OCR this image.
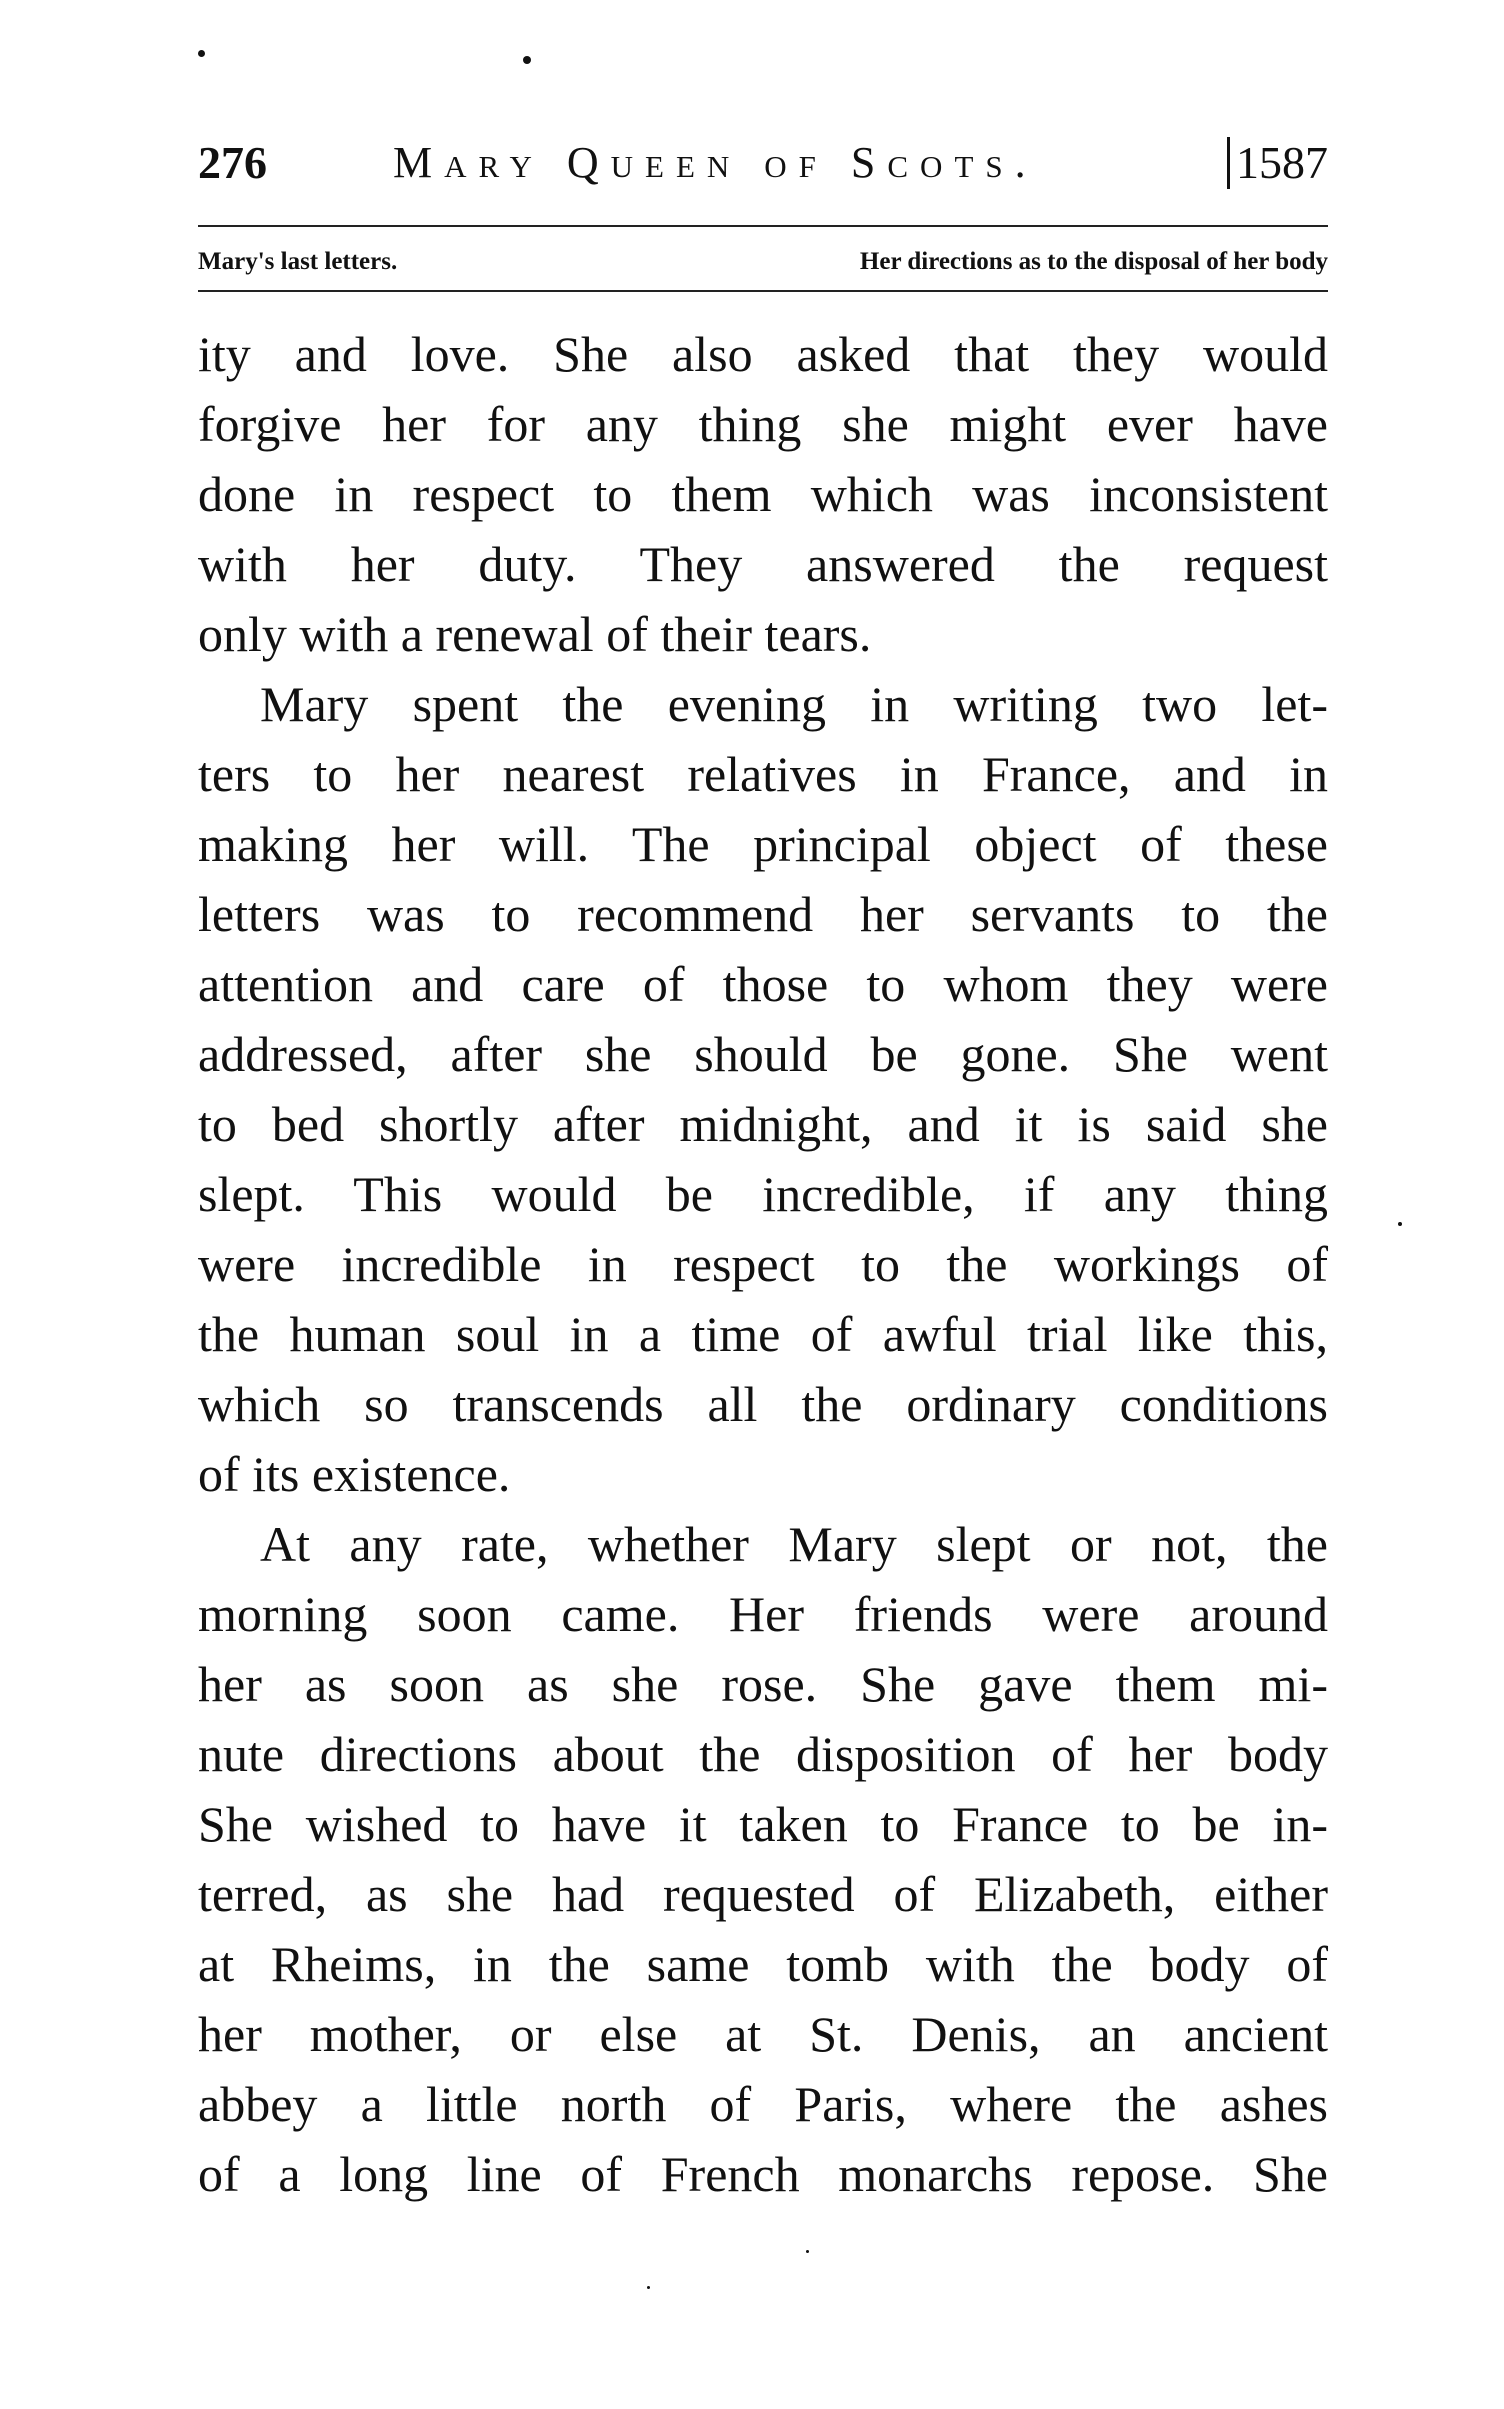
276	Mary Queen of Scots.	1587
Mary's last letters.	Her directions as to the disposal of her body
ity and love. She also asked that they would
forgive her for any thing she might ever have
done in respect to them which was inconsistent
with her duty. They answered the request
only with a renewal of their tears.
Mary spent the evening in writing two let-
ters to her nearest relatives in France, and in
making her will. The principal object of these
letters was to recommend her servants to the
attention and care of those to whom they were
addressed, after she should be gone. She went
to bed shortly after midnight, and it is said she
slept. This would be incredible, if any thing
were incredible in respect to the workings of
the human soul in a time of awful trial like this,
which so transcends all the ordinary conditions
of its existence.
At any rate, whether Mary slept or not, the
morning soon came. Her friends were around
her as soon as she rose. She gave them mi-
nute directions about the disposition of her body
She wished to have it taken to France to be in-
terred, as she had requested of Elizabeth, either
at Rheims, in the same tomb with the body of
her mother, or else at St. Denis, an ancient
abbey a little north of Paris, where the ashes
of a long line of French monarchs repose. She
